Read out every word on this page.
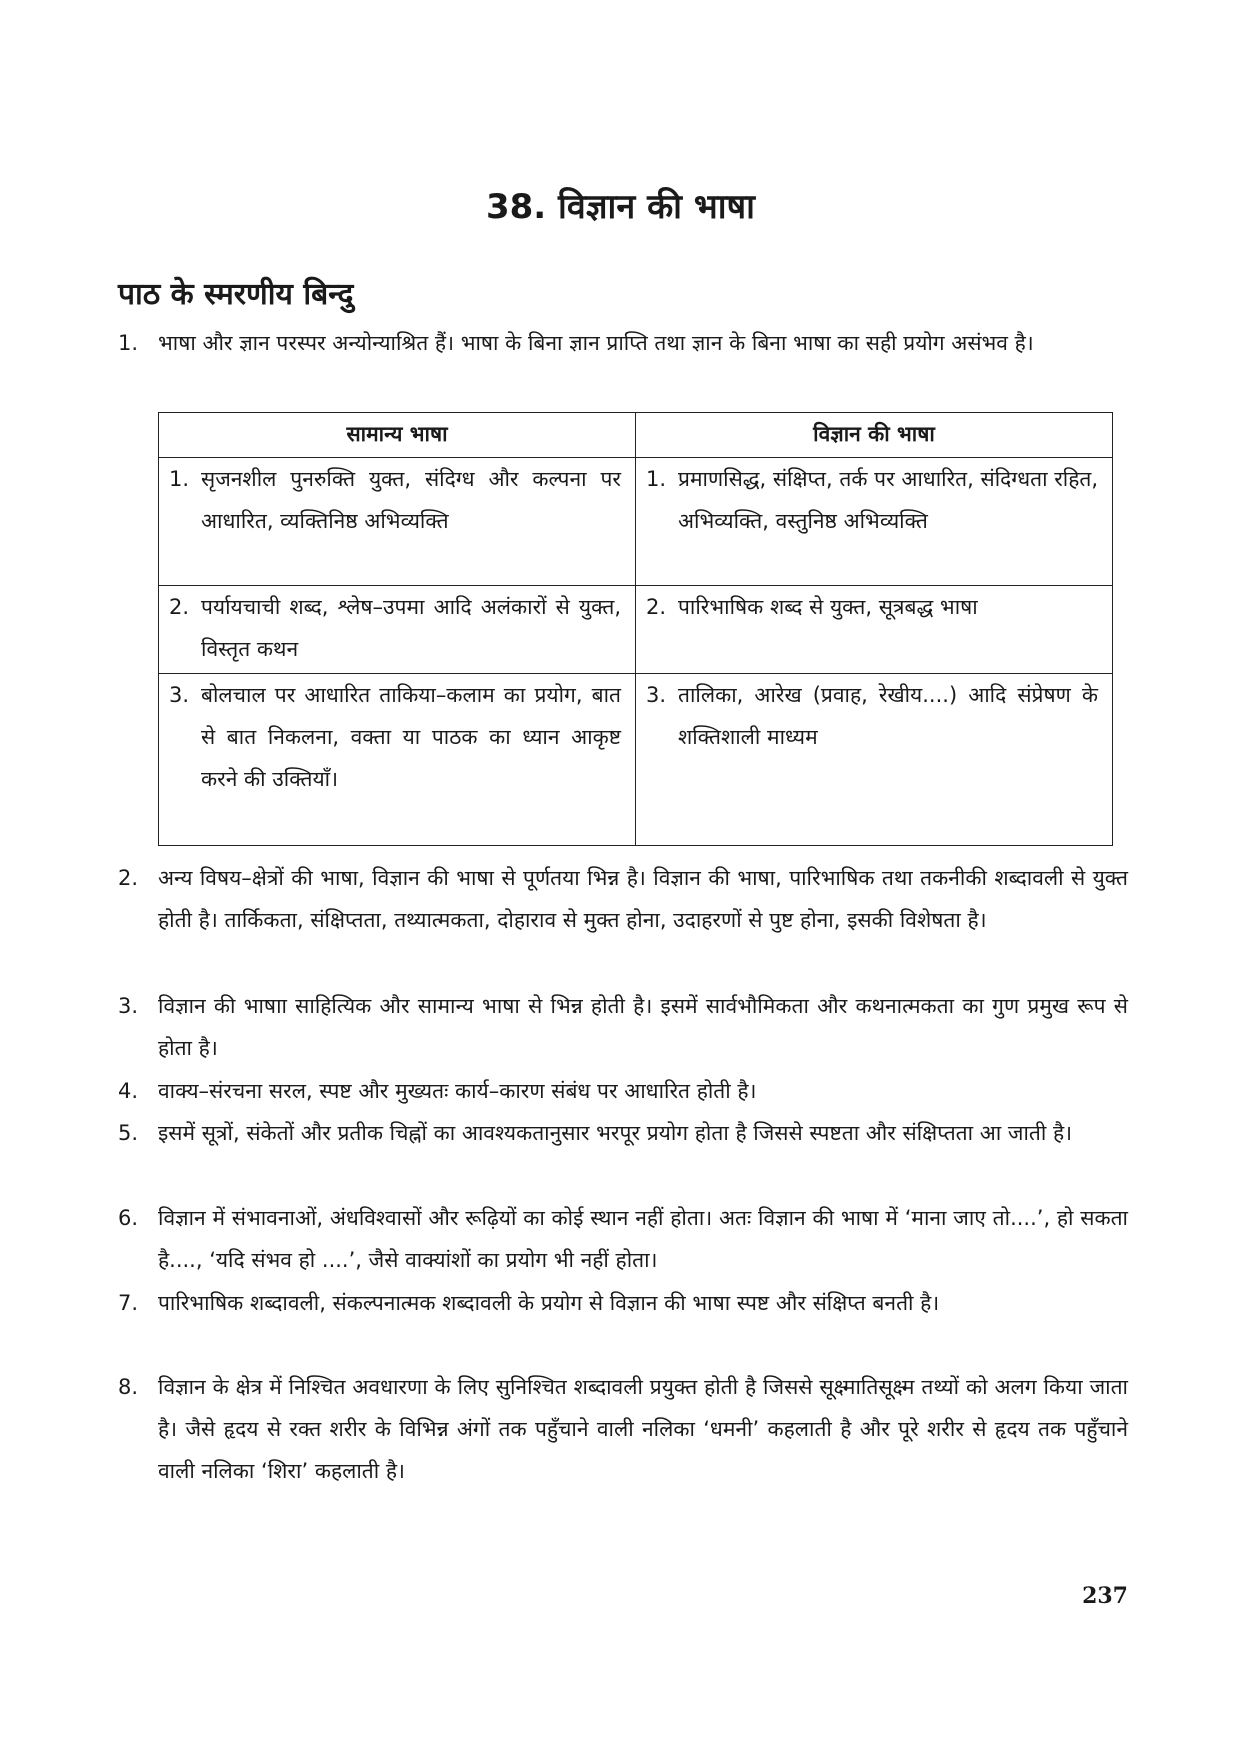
38. विज्ञान की भाषा
पाठ के स्मरणीय बिन्दु
1. भाषा और ज्ञान परस्पर अन्योन्याश्रित हैं। भाषा के बिना ज्ञान प्राप्ति तथा ज्ञान के बिना भाषा का सही प्रयोग असंभव है।
सामान्य भाषा	विज्ञान की भाषा
1. सृजनशील पुनरुक्ति युक्त, संदिग्ध और कल्पना पर आधारित, व्यक्तिनिष्ठ अभिव्यक्ति	1. प्रमाणसिद्ध, संक्षिप्त, तर्क पर आधारित, संदिग्धता रहित, अभिव्यक्ति, वस्तुनिष्ठ अभिव्यक्ति
2. पर्यायचाची शब्द, श्लेष–उपमा आदि अलंकारों से युक्त, विस्तृत कथन	2. पारिभाषिक शब्द से युक्त, सूत्रबद्ध भाषा
3. बोलचाल पर आधारित ताकिया–कलाम का प्रयोग, बात से बात निकलना, वक्ता या पाठक का ध्यान आकृष्ट करने की उक्तियाँ।	3. तालिका, आरेख (प्रवाह, रेखीय....) आदि संप्रेषण के शक्तिशाली माध्यम
2. अन्य विषय–क्षेत्रों की भाषा, विज्ञान की भाषा से पूर्णतया भिन्न है। विज्ञान की भाषा, पारिभाषिक तथा तकनीकी शब्दावली से युक्त होती है। तार्किकता, संक्षिप्तता, तथ्यात्मकता, दोहाराव से मुक्त होना, उदाहरणों से पुष्ट होना, इसकी विशेषता है।
3. विज्ञान की भाषाा साहित्यिक और सामान्य भाषा से भिन्न होती है। इसमें सार्वभौमिकता और कथनात्मकता का गुण प्रमुख रूप से होता है।
4. वाक्य–संरचना सरल, स्पष्ट और मुख्यतः कार्य–कारण संबंध पर आधारित होती है।
5. इसमें सूत्रों, संकेतों और प्रतीक चिह्नों का आवश्यकतानुसार भरपूर प्रयोग होता है जिससे स्पष्टता और संक्षिप्तता आ जाती है।
6. विज्ञान में संभावनाओं, अंधविश्वासों और रूढ़ियों का कोई स्थान नहीं होता। अतः विज्ञान की भाषा में ‘माना जाए तो....’, हो सकता है...., ‘यदि संभव हो ....’, जैसे वाक्यांशों का प्रयोग भी नहीं होता।
7. पारिभाषिक शब्दावली, संकल्पनात्मक शब्दावली के प्रयोग से विज्ञान की भाषा स्पष्ट और संक्षिप्त बनती है।
8. विज्ञान के क्षेत्र में निश्चित अवधारणा के लिए सुनिश्चित शब्दावली प्रयुक्त होती है जिससे सूक्ष्मातिसूक्ष्म तथ्यों को अलग किया जाता है। जैसे हृदय से रक्त शरीर के विभिन्न अंगों तक पहुँचाने वाली नलिका ‘धमनी’ कहलाती है और पूरे शरीर से हृदय तक पहुँचाने वाली नलिका ‘शिरा’ कहलाती है।
237
